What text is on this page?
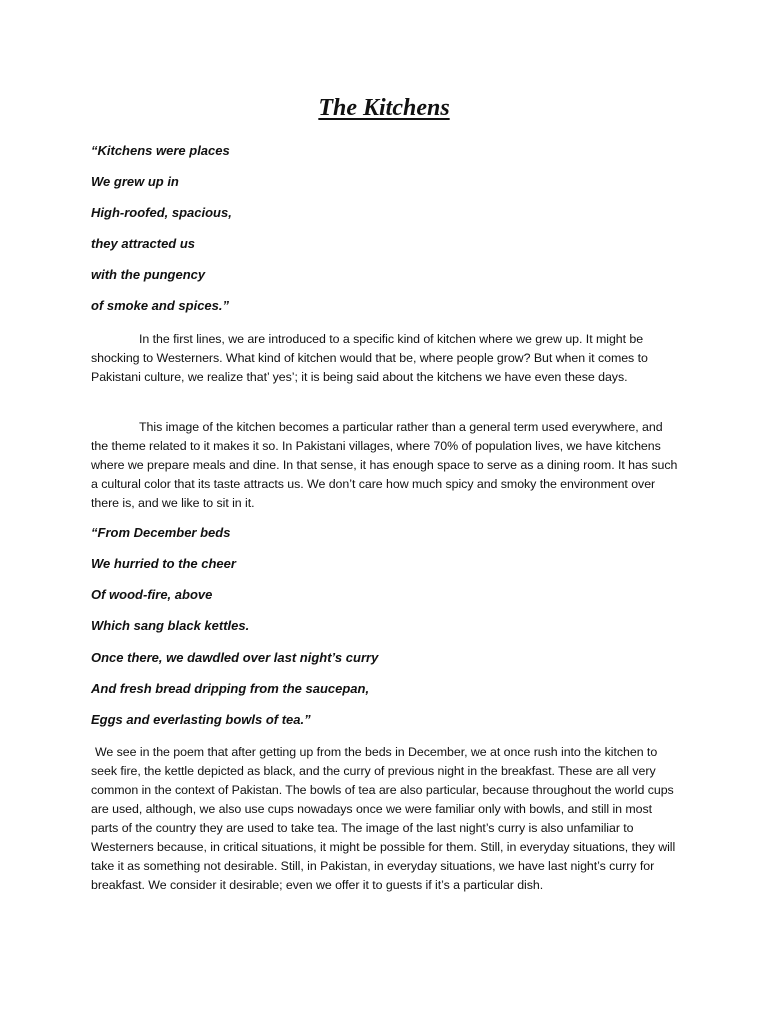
The Kitchens

“Kitchens were places

We grew up in

High-roofed, spacious,

they attracted us

with the pungency

of smoke and spices.”

In the first lines, we are introduced to a specific kind of kitchen where we grew up. It might be shocking to Westerners. What kind of kitchen would that be, where people grow? But when it comes to Pakistani culture, we realize that’ yes’; it is being said about the kitchens we have even these days.

This image of the kitchen becomes a particular rather than a general term used everywhere, and the theme related to it makes it so. In Pakistani villages, where 70% of population lives, we have kitchens where we prepare meals and dine. In that sense, it has enough space to serve as a dining room. It has such a cultural color that its taste attracts us. We don’t care how much spicy and smoky the environment over there is, and we like to sit in it.

“From December beds

We hurried to the cheer

Of wood-fire, above

Which sang black kettles.

Once there, we dawdled over last night’s curry

And fresh bread dripping from the saucepan,

Eggs and everlasting bowls of tea.”

We see in the poem that after getting up from the beds in December, we at once rush into the kitchen to seek fire, the kettle depicted as black, and the curry of previous night in the breakfast. These are all very common in the context of Pakistan. The bowls of tea are also particular, because throughout the world cups are used, although, we also use cups nowadays once we were familiar only with bowls, and still in most parts of the country they are used to take tea. The image of the last night’s curry is also unfamiliar to Westerners because, in critical situations, it might be possible for them. Still, in everyday situations, they will take it as something not desirable. Still, in Pakistan, in everyday situations, we have last night’s curry for breakfast. We consider it desirable; even we offer it to guests if it’s a particular dish.
